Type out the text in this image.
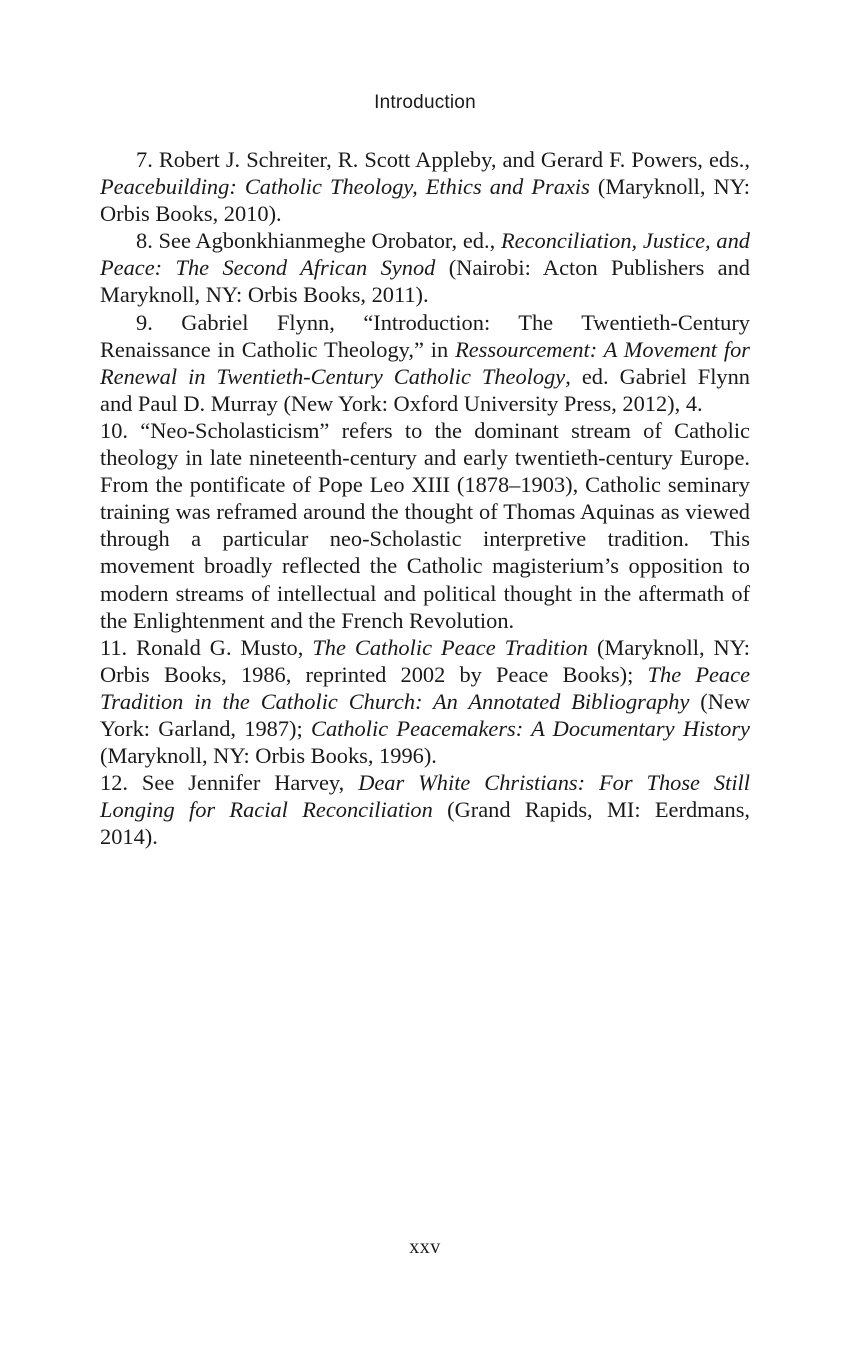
Introduction

7. Robert J. Schreiter, R. Scott Appleby, and Gerard F. Powers, eds., Peacebuilding: Catholic Theology, Ethics and Praxis (Maryknoll, NY: Orbis Books, 2010).

8. See Agbonkhianmeghe Orobator, ed., Reconciliation, Justice, and Peace: The Second African Synod (Nairobi: Acton Publishers and Maryknoll, NY: Orbis Books, 2011).

9. Gabriel Flynn, “Introduction: The Twentieth-Century Renaissance in Catholic Theology,” in Ressourcement: A Movement for Renewal in Twentieth-Century Catholic Theology, ed. Gabriel Flynn and Paul D. Murray (New York: Oxford University Press, 2012), 4.

10. “Neo-Scholasticism” refers to the dominant stream of Catholic theology in late nineteenth-century and early twentieth-century Europe. From the pontificate of Pope Leo XIII (1878–1903), Catholic seminary training was reframed around the thought of Thomas Aquinas as viewed through a particular neo-Scholastic interpretive tradition. This movement broadly reflected the Catholic magisterium’s opposition to modern streams of intellectual and political thought in the aftermath of the Enlightenment and the French Revolution.

11. Ronald G. Musto, The Catholic Peace Tradition (Maryknoll, NY: Orbis Books, 1986, reprinted 2002 by Peace Books); The Peace Tradition in the Catholic Church: An Annotated Bibliography (New York: Garland, 1987); Catholic Peacemakers: A Documentary History (Maryknoll, NY: Orbis Books, 1996).

12. See Jennifer Harvey, Dear White Christians: For Those Still Longing for Racial Reconciliation (Grand Rapids, MI: Eerdmans, 2014).

xxv
